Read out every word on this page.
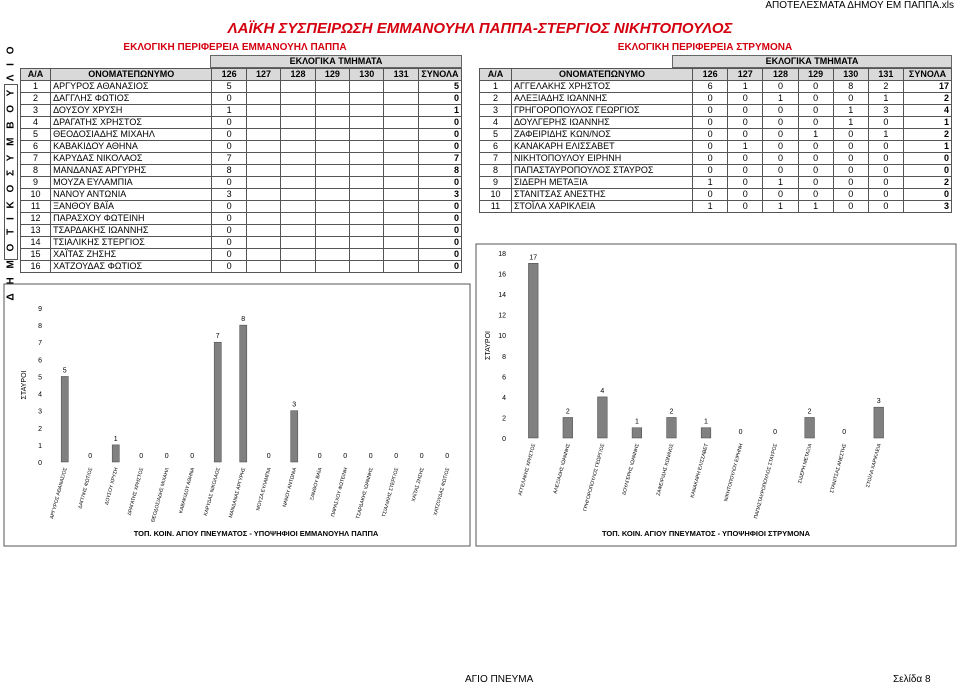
ΑΠΟΤΕΛΕΣΜΑΤΑ ΔΗΜΟΥ ΕΜ ΠΑΠΠΑ.xls
ΛΑΪΚΗ ΣΥΣΠΕΙΡΩΣΗ ΕΜΜΑΝΟΥΗΛ ΠΑΠΠΑ-ΣΤΕΡΓΙΟΣ ΝΙΚΗΤΟΠΟΥΛΟΣ
ΕΚΛΟΓΙΚΗ ΠΕΡΙΦΕΡΕΙΑ ΕΜΜΑΝΟΥΗΛ ΠΑΠΠΑ
ΕΚΛΟΓΙΚΑ ΤΜΗΜΑΤΑ
ΕΚΛΟΓΙΚΗ ΠΕΡΙΦΕΡΕΙΑ ΣΤΡΥΜΟΝΑ
ΕΚΛΟΓΙΚΑ ΤΜΗΜΑΤΑ
Δ Η Μ Ο Τ Ι Κ Ο Σ Υ Μ Β Ο Υ Λ Ι Ο Α/Α	ΟΝΟΜΑΤΕΠΩΝΥΜΟ	126	127	128	129	130	131	ΣΥΝΟΛΑ
1	ΑΡΓΥΡΟΣ ΑΘΑΝΑΣΙΟΣ	5						5
2	ΔΑΓΓΛΗΣ ΦΩΤΙΟΣ	0						0
3	ΔΟΥΣΟΥ ΧΡΥΣΗ	1						1
4	ΔΡΑΓΑΤΗΣ ΧΡΗΣΤΟΣ	0						0
5	ΘΕΟΔΟΣΙΑΔΗΣ ΜΙΧΑΗΛ	0						0
6	ΚΑΒΑΚΙΔΟΥ ΑΘΗΝΑ	0						0
7	ΚΑΡΥΔΑΣ ΝΙΚΟΛΑΟΣ	7						7
8	ΜΑΝΔΑΝΑΣ ΑΡΓΥΡΗΣ	8						8
9	ΜΟΥΖΑ ΕΥΛΑΜΠΙΑ	0						0
10	ΝΑΝΟΥ ΑΝΤΩΝΙΑ	3						3
11	ΞΑΝΘΟΥ ΒΑΪΑ	0						0
12	ΠΑΡΑΣΧΟΥ ΦΩΤΕΙΝΗ	0						0
13	ΤΣΑΡΔΑΚΗΣ ΙΩΑΝΝΗΣ	0						0
14	ΤΣΙΑΛΙΚΗΣ ΣΤΕΡΓΙΟΣ	0						0
15	ΧΑΪΤΑΣ ΖΗΣΗΣ	0						0
16	ΧΑΤΖΟΥΔΑΣ ΦΩΤΙΟΣ	0						0
Α/Α	ΟΝΟΜΑΤΕΠΩΝΥΜΟ	126	127	128	129	130	131	ΣΥΝΟΛΑ
1	ΑΓΓΕΛΑΚΗΣ ΧΡΗΣΤΟΣ	6	1	0	0	8	2	17
2	ΑΛΕΞΙΑΔΗΣ ΙΩΑΝΝΗΣ	0	0	1	0	0	1	2
3	ΓΡΗΓΟΡΟΠΟΥΛΟΣ ΓΕΩΡΓΙΟΣ	0	0	0	0	1	3	4
4	ΔΟΥΛΓΕΡΗΣ ΙΩΑΝΝΗΣ	0	0	0	0	1	0	1
5	ΖΑΦΕΙΡΙΔΗΣ ΚΩΝ/ΝΟΣ	0	0	0	1	0	1	2
6	ΚΑΝΑΚΑΡΗ ΕΛΙΣΣΑΒΕΤ	0	1	0	0	0	0	1
7	ΝΙΚΗΤΟΠΟΥΛΟΥ ΕΙΡΗΝΗ	0	0	0	0	0	0	0
8	ΠΑΠΑΣΤΑΥΡΟΠΟΥΛΟΣ ΣΤΑΥΡΟΣ	0	0	0	0	0	0	0
9	ΣΙΔΕΡΗ ΜΕΤΑΞΙΑ	1	0	1	0	0	0	2
10	ΣΤΑΝΙΤΣΑΣ ΑΝΕΣΤΗΣ	0	0	0	0	0	0	0
11	ΣΤΟΪΛΑ ΧΑΡΙΚΛΕΙΑ	1	0	1	1	0	0	3
0
1
2
3
4
5
6
7
8
9
ΣΤΑΥΡΟΙ	5
ΑΡΓΥΡΟΣ ΑΘΑΝΑΣΙΟΣ
0
ΔΑΓΓΛΗΣ ΦΩΤΙΟΣ
1
ΔΟΥΣΟΥ ΧΡΥΣΗ
0
ΔΡΑΓΑΤΗΣ ΧΡΗΣΤΟΣ
0
ΘΕΟΔΟΣΙΑΔΗΣ ΜΙΧΑΗΛ
0
ΚΑΒΑΚΙΔΟΥ ΑΘΗΝΑ
7
ΚΑΡΥΔΑΣ ΝΙΚΟΛΑΟΣ
8
ΜΑΝΔΑΝΑΣ ΑΡΓΥΡΗΣ
0
ΜΟΥΖΑ ΕΥΛΑΜΠΙΑ
3
ΝΑΝΟΥ ΑΝΤΩΝΙΑ
0
ΞΑΝΘΟΥ ΒΑΪΑ
0
ΠΑΡΑΣΧΟΥ ΦΩΤΕΙΝΗ
0
ΤΣΑΡΔΑΚΗΣ ΙΩΑΝΝΗΣ
0
ΤΣΙΑΛΙΚΗΣ ΣΤΕΡΓΙΟΣ
0
ΧΑΪΤΑΣ ΖΗΣΗΣ
0
ΧΑΤΖΟΥΔΑΣ ΦΩΤΙΟΣ
ΤΟΠ. ΚΟΙΝ. ΑΓΙΟΥ ΠΝΕΥΜΑΤΟΣ - ΥΠΟΨΗΦΙΟΙ ΕΜΜΑΝΟΥΗΛ ΠΑΠΠΑ
0
2
4
6
8
10
12
14
16
18
ΣΤΑΥΡΟΙ
17
ΑΓΓΕΛΑΚΗΣ ΧΡΗΣΤΟΣ
2
ΑΛΕΞΙΑΔΗΣ ΙΩΑΝΝΗΣ
4
ΓΡΗΓΟΡΟΠΟΥΛΟΣ ΓΕΩΡΓΙΟΣ
1
ΔΟΥΛΓΕΡΗΣ ΙΩΑΝΝΗΣ
2
ΖΑΦΕΙΡΙΔΗΣ ΚΩΝ/ΝΟΣ
1
ΚΑΝΑΚΑΡΗ ΕΛΙΣΣΑΒΕΤ
0
ΝΙΚΗΤΟΠΟΥΛΟΥ ΕΙΡΗΝΗ
0
ΠΑΠΑΣΤΑΥΡΟΠΟΥΛΟΣ ΣΤΑΥΡΟΣ
2
ΣΙΔΕΡΗ ΜΕΤΑΞΙΑ
0
ΣΤΑΝΙΤΣΑΣ ΑΝΕΣΤΗΣ
3
ΣΤΟΪΛΑ ΧΑΡΙΚΛΕΙΑ
ΤΟΠ. ΚΟΙΝ. ΑΓΙΟΥ ΠΝΕΥΜΑΤΟΣ - ΥΠΟΨΗΦΙΟΙ ΣΤΡΥΜΟΝΑ
ΑΓΙΟ ΠΝΕΥΜΑ	Σελίδα 8
